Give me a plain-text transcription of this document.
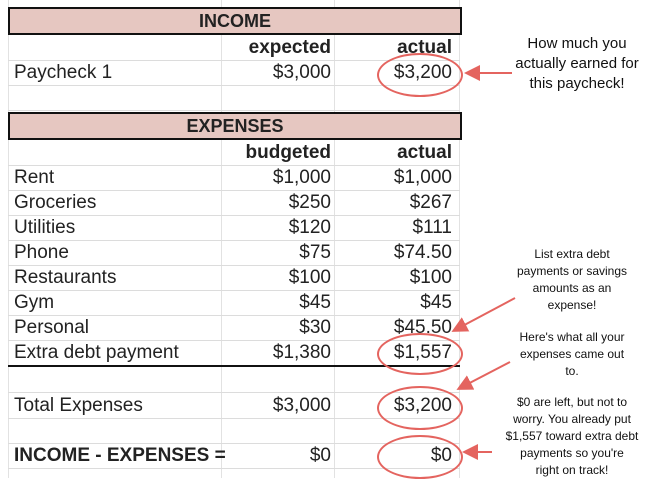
INCOME
expected	actual
Paycheck 1	$3,000	$3,200
EXPENSES
budgeted	actual
Rent	$1,000	$1,000
Groceries	$250	$267
Utilities	$120	$111
Phone	$75	$74.50
Restaurants	$100	$100
Gym	$45	$45
Personal	$30	$45.50
Extra debt payment	$1,380	$1,557
Total Expenses	$3,000	$3,200
INCOME - EXPENSES =	$0	$0
How much you
actually earned for
this paycheck!
List extra debt
payments or savings
amounts as an
expense!
Here's what all your
expenses came out
to.
$0 are left, but not to
worry. You already put
$1,557 toward extra debt
payments so you're
right on track!
